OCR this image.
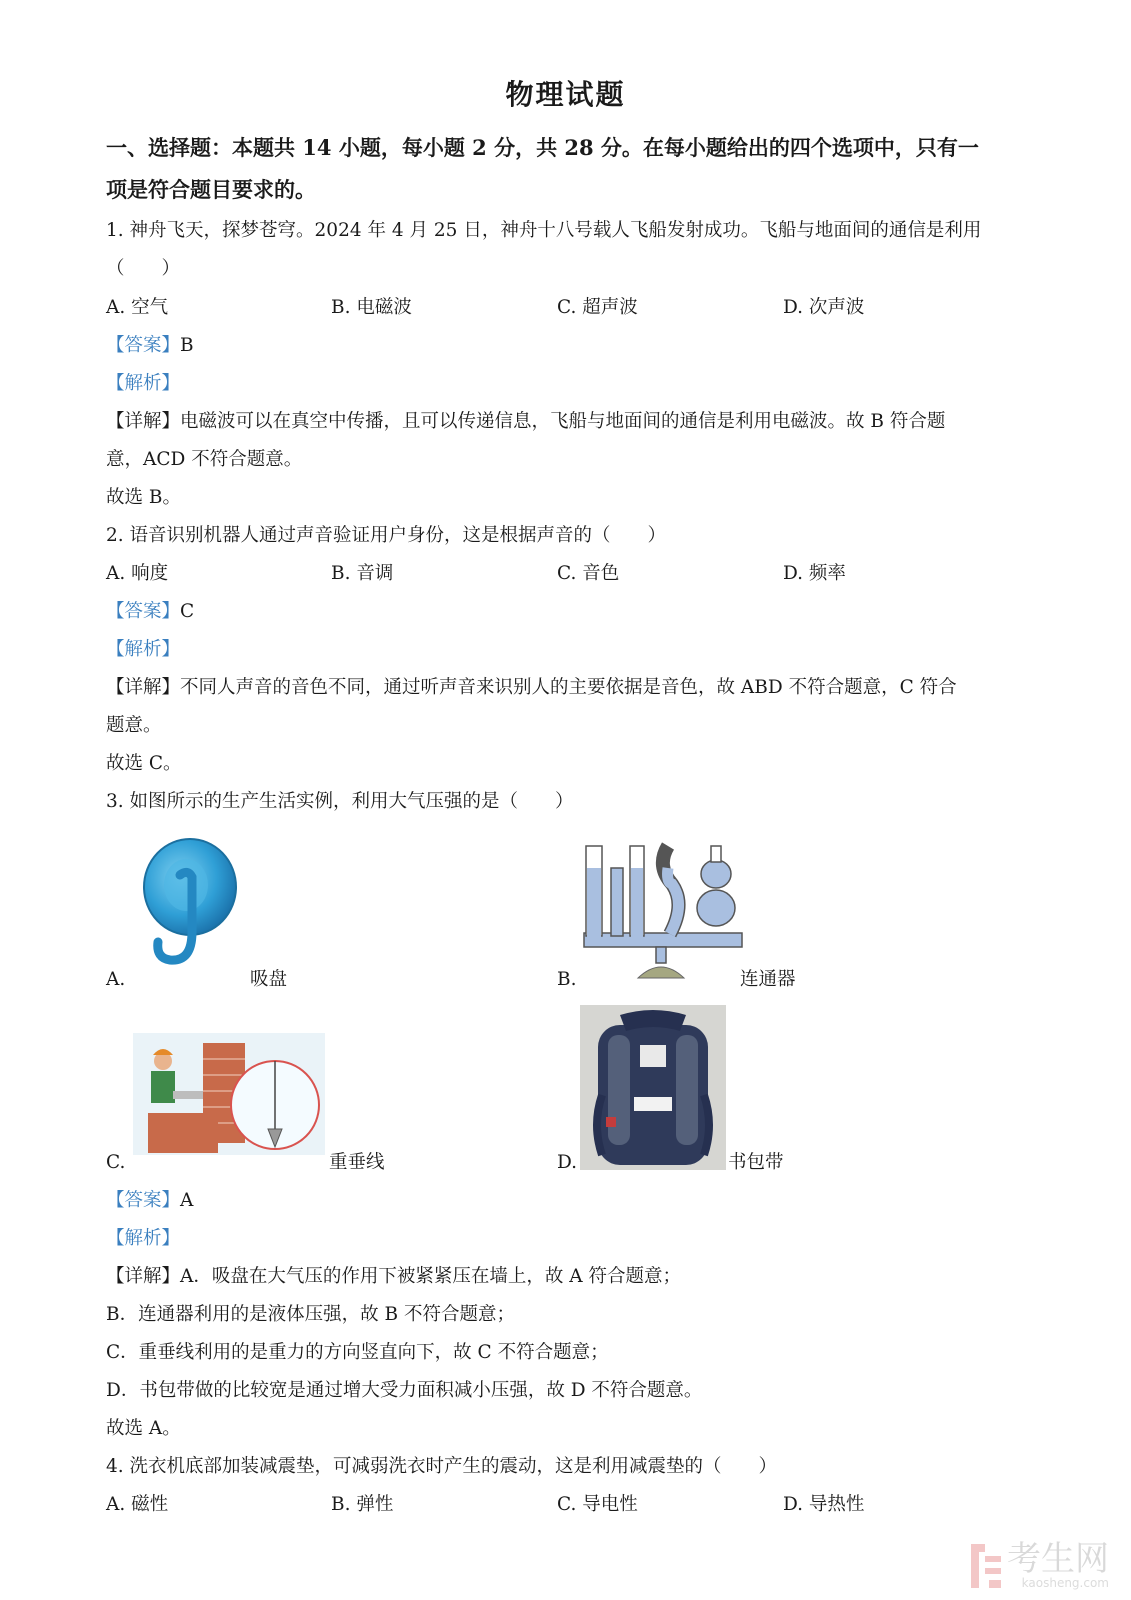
物理试题
一、选择题：本题共 14 小题，每小题 2 分，共 28 分。在每小题给出的四个选项中，只有一
项是符合题目要求的。
1. 神舟飞天，探梦苍穹。2024 年 4 月 25 日，神舟十八号载人飞船发射成功。飞船与地面间的通信是利用
（　　）
A. 空气	B. 电磁波	C. 超声波	D. 次声波
【答案】B
【解析】
【详解】电磁波可以在真空中传播，且可以传递信息，飞船与地面间的通信是利用电磁波。故 B 符合题
意，ACD 不符合题意。
故选 B。
2. 语音识别机器人通过声音验证用户身份，这是根据声音的（　　）
A. 响度	B. 音调	C. 音色	D. 频率
【答案】C
【解析】
【详解】不同人声音的音色不同，通过听声音来识别人的主要依据是音色，故 ABD 不符合题意，C 符合
题意。
故选 C。
3. 如图所示的生产生活实例，利用大气压强的是（　　）
A.	吸盘	B.	连通器
C.	重垂线	D.	书包带
【答案】A
【解析】
【详解】A．吸盘在大气压的作用下被紧紧压在墙上，故 A 符合题意；
B．连通器利用的是液体压强，故 B 不符合题意；
C．重垂线利用的是重力的方向竖直向下，故 C 不符合题意；
D．书包带做的比较宽是通过增大受力面积减小压强，故 D 不符合题意。
故选 A。
4. 洗衣机底部加装减震垫，可减弱洗衣时产生的震动，这是利用减震垫的（　　）
A. 磁性	B. 弹性	C. 导电性	D. 导热性
考生网
kaosheng.com
